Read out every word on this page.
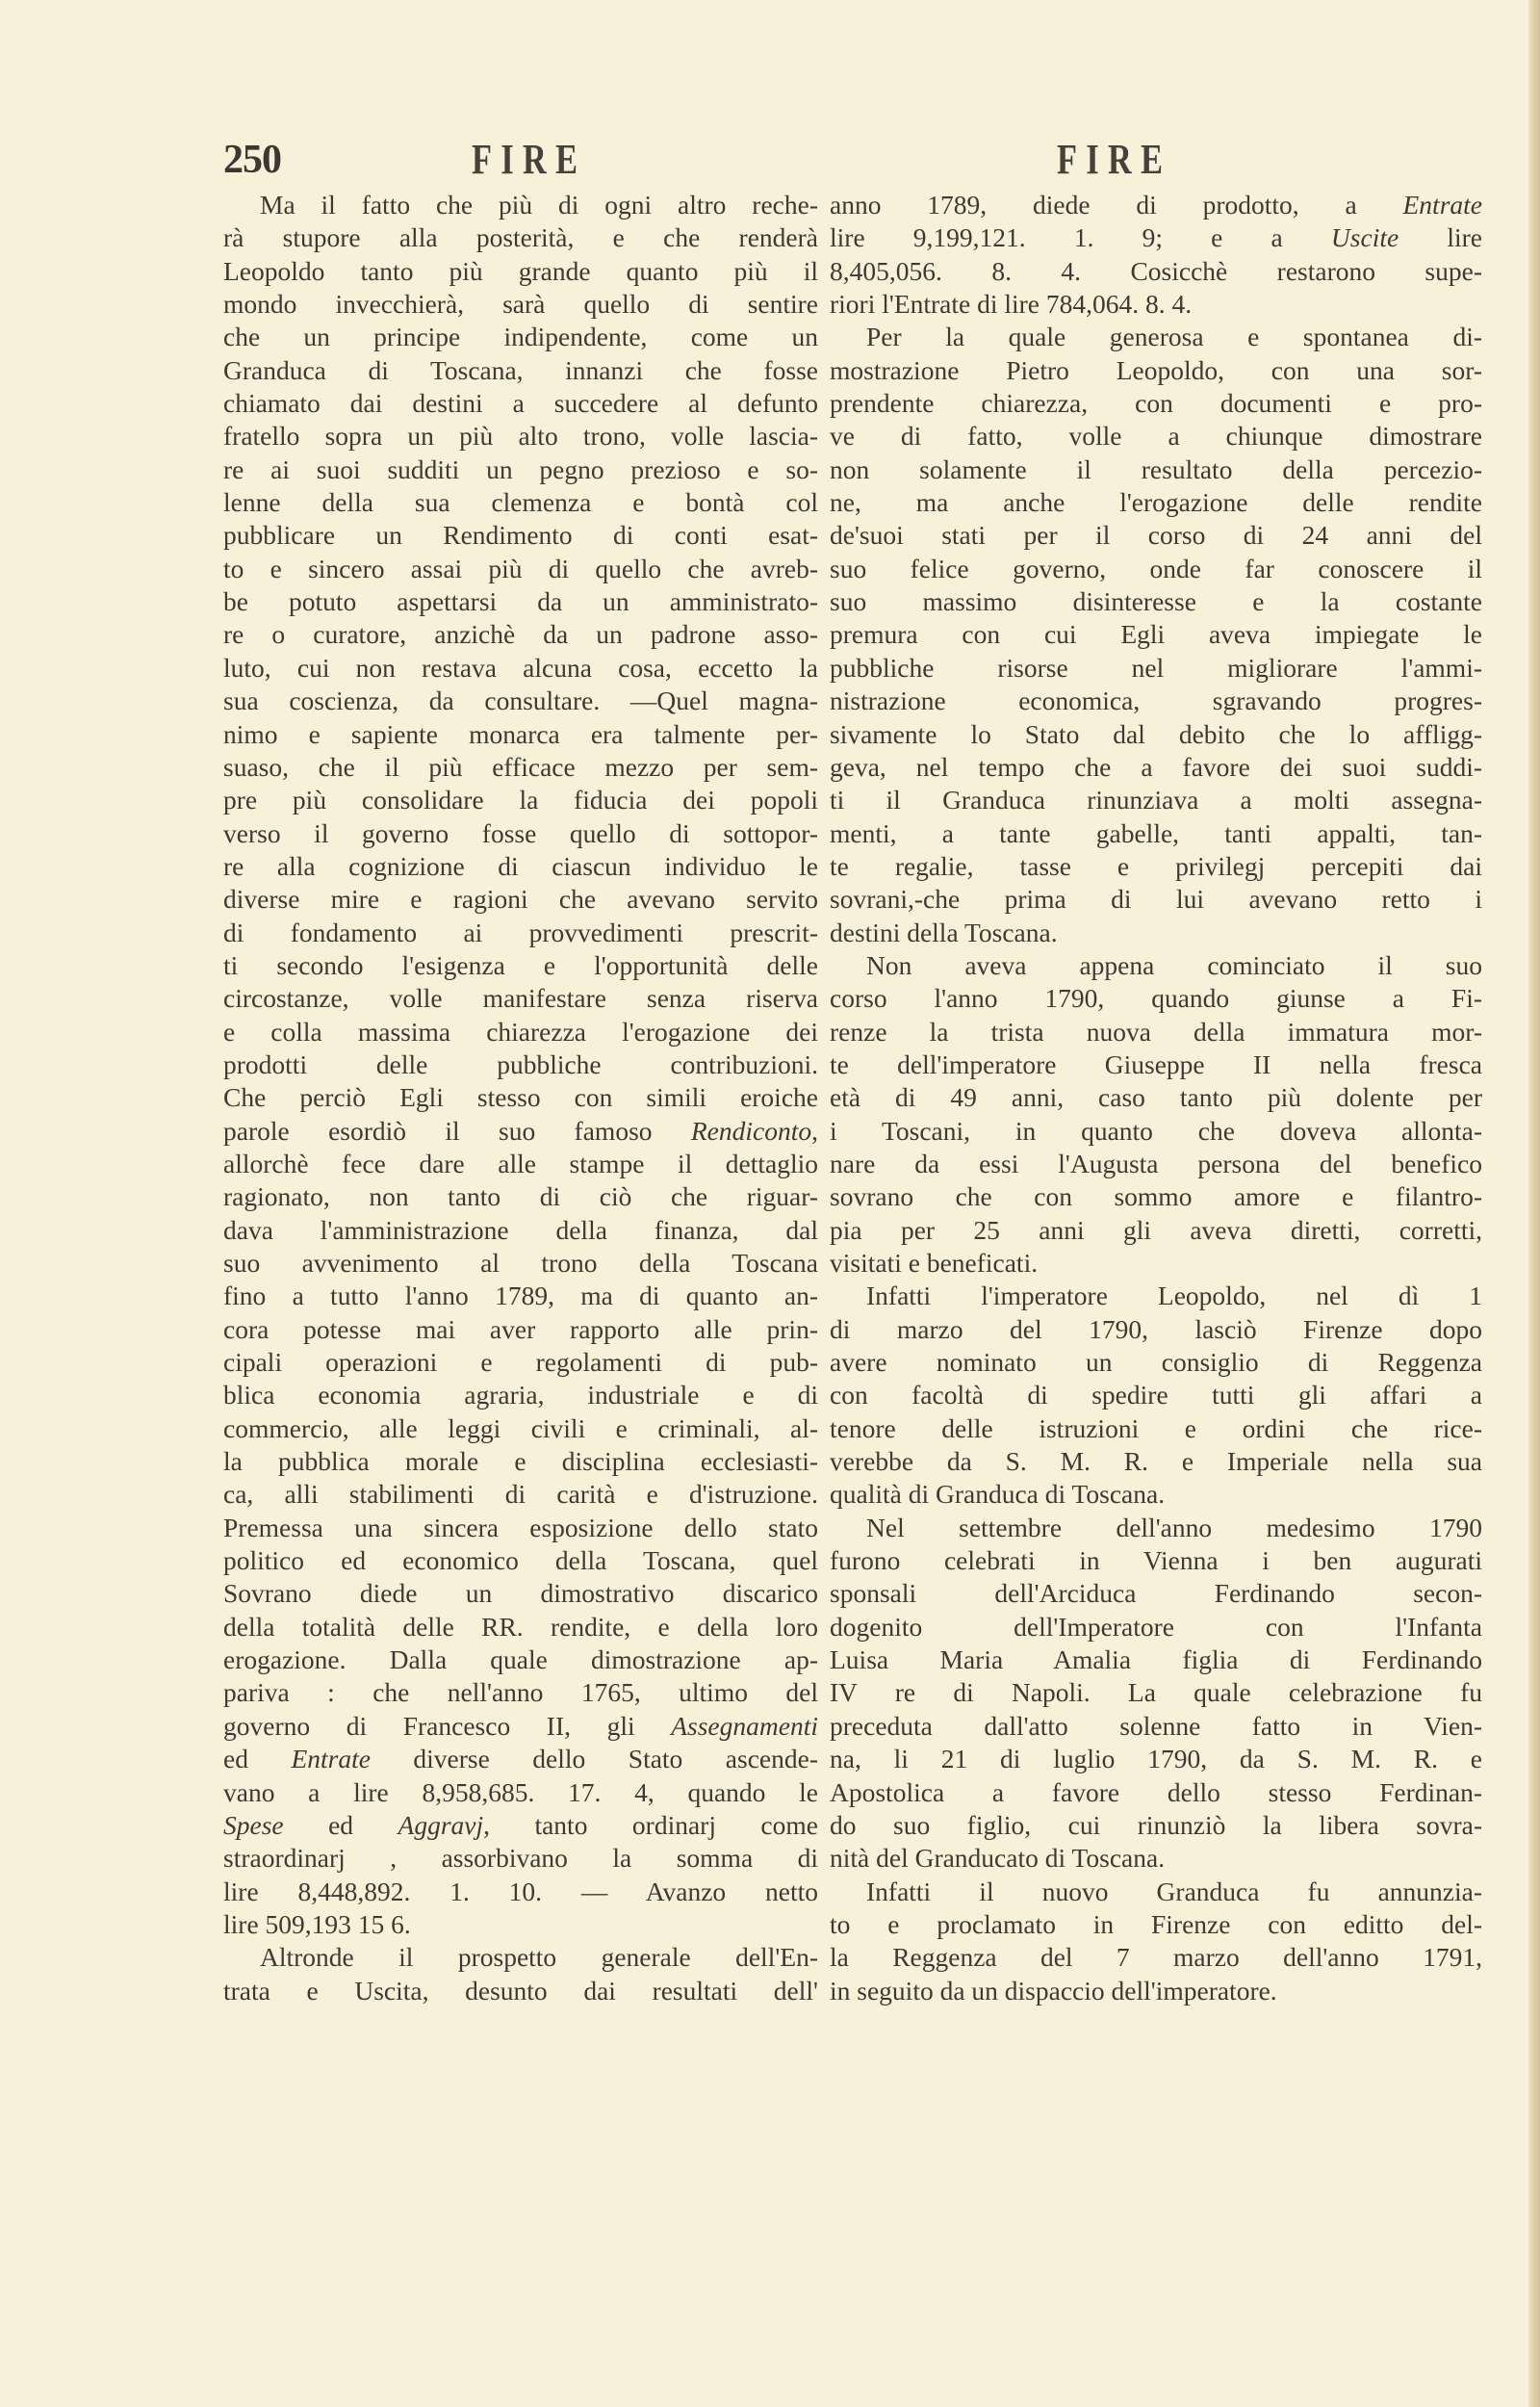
250	FIRE	FIRE
Ma il fatto che più di ogni altro reche-
rà stupore alla posterità, e che renderà
Leopoldo tanto più grande quanto più il
mondo invecchierà, sarà quello di sentire
che un principe indipendente, come un
Granduca di Toscana, innanzi che fosse
chiamato dai destini a succedere al defunto
fratello sopra un più alto trono, volle lascia-
re ai suoi sudditi un pegno prezioso e so-
lenne della sua clemenza e bontà col
pubblicare un Rendimento di conti esat-
to e sincero assai più di quello che avreb-
be potuto aspettarsi da un amministrato-
re o curatore, anzichè da un padrone asso-
luto, cui non restava alcuna cosa, eccetto la
sua coscienza, da consultare. —Quel magna-
nimo e sapiente monarca era talmente per-
suaso, che il più efficace mezzo per sem-
pre più consolidare la fiducia dei popoli
verso il governo fosse quello di sottopor-
re alla cognizione di ciascun individuo le
diverse mire e ragioni che avevano servito
di fondamento ai provvedimenti prescrit-
ti secondo l'esigenza e l'opportunità delle
circostanze, volle manifestare senza riserva
e colla massima chiarezza l'erogazione dei
prodotti delle pubbliche contribuzioni.
Che perciò Egli stesso con simili eroiche
parole esordiò il suo famoso Rendiconto,
allorchè fece dare alle stampe il dettaglio
ragionato, non tanto di ciò che riguar-
dava l'amministrazione della finanza, dal
suo avvenimento al trono della Toscana
fino a tutto l'anno 1789, ma di quanto an-
cora potesse mai aver rapporto alle prin-
cipali operazioni e regolamenti di pub-
blica economia agraria, industriale e di
commercio, alle leggi civili e criminali, al-
la pubblica morale e disciplina ecclesiasti-
ca, alli stabilimenti di carità e d'istruzione.
Premessa una sincera esposizione dello stato
politico ed economico della Toscana, quel
Sovrano diede un dimostrativo discarico
della totalità delle RR. rendite, e della loro
erogazione. Dalla quale dimostrazione ap-
pariva : che nell'anno 1765, ultimo del
governo di Francesco II, gli Assegnamenti
ed Entrate diverse dello Stato ascende-
vano a lire 8,958,685. 17. 4, quando le
Spese ed Aggravj, tanto ordinarj come
straordinarj , assorbivano la somma di
lire 8,448,892. 1. 10. — Avanzo netto
lire 509,193 15 6.
Altronde il prospetto generale dell'En-
trata e Uscita, desunto dai resultati dell'
anno 1789, diede di prodotto, a Entrate
lire 9,199,121. 1. 9; e a Uscite lire
8,405,056. 8. 4. Cosicchè restarono supe-
riori l'Entrate di lire 784,064. 8. 4.
Per la quale generosa e spontanea di-
mostrazione Pietro Leopoldo, con una sor-
prendente chiarezza, con documenti e pro-
ve di fatto, volle a chiunque dimostrare
non solamente il resultato della percezio-
ne, ma anche l'erogazione delle rendite
de'suoi stati per il corso di 24 anni del
suo felice governo, onde far conoscere il
suo massimo disinteresse e la costante
premura con cui Egli aveva impiegate le
pubbliche risorse nel migliorare l'ammi-
nistrazione economica, sgravando progres-
sivamente lo Stato dal debito che lo affligg-
geva, nel tempo che a favore dei suoi suddi-
ti il Granduca rinunziava a molti assegna-
menti, a tante gabelle, tanti appalti, tan-
te regalie, tasse e privilegj percepiti dai
sovrani,-che prima di lui avevano retto i
destini della Toscana.
Non aveva appena cominciato il suo
corso l'anno 1790, quando giunse a Fi-
renze la trista nuova della immatura mor-
te dell'imperatore Giuseppe II nella fresca
età di 49 anni, caso tanto più dolente per
i Toscani, in quanto che doveva allonta-
nare da essi l'Augusta persona del benefico
sovrano che con sommo amore e filantro-
pia per 25 anni gli aveva diretti, corretti,
visitati e beneficati.
Infatti l'imperatore Leopoldo, nel dì 1
di marzo del 1790, lasciò Firenze dopo
avere nominato un consiglio di Reggenza
con facoltà di spedire tutti gli affari a
tenore delle istruzioni e ordini che rice-
verebbe da S. M. R. e Imperiale nella sua
qualità di Granduca di Toscana.
Nel settembre dell'anno medesimo 1790
furono celebrati in Vienna i ben augurati
sponsali dell'Arciduca Ferdinando secon-
dogenito dell'Imperatore con l'Infanta
Luisa Maria Amalia figlia di Ferdinando
IV re di Napoli. La quale celebrazione fu
preceduta dall'atto solenne fatto in Vien-
na, li 21 di luglio 1790, da S. M. R. e
Apostolica a favore dello stesso Ferdinan-
do suo figlio, cui rinunziò la libera sovra-
nità del Granducato di Toscana.
Infatti il nuovo Granduca fu annunzia-
to e proclamato in Firenze con editto del-
la Reggenza del 7 marzo dell'anno 1791,
in seguito da un dispaccio dell'imperatore.
